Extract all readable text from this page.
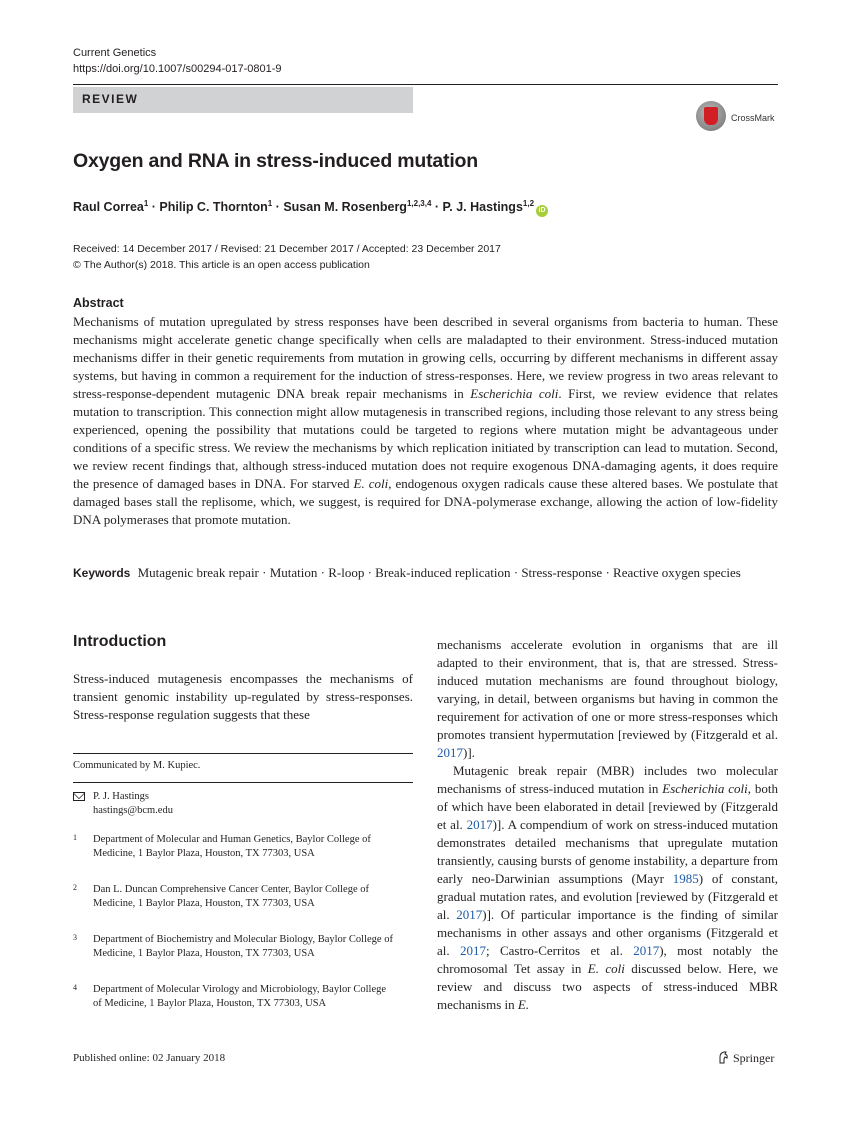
Current Genetics
https://doi.org/10.1007/s00294-017-0801-9
REVIEW
CrossMark
Oxygen and RNA in stress-induced mutation
Raul Correa$^1$ · Philip C. Thornton$^1$ · Susan M. Rosenberg$^{1,2,3,4}$ · P. J. Hastings$^{1,2}$iD
Received: 14 December 2017 / Revised: 21 December 2017 / Accepted: 23 December 2017
© The Author(s) 2018. This article is an open access publication
Abstract
Mechanisms of mutation upregulated by stress responses have been described in several organisms from bacteria to human. These mechanisms might accelerate genetic change specifically when cells are maladapted to their environment. Stress-induced mutation mechanisms differ in their genetic requirements from mutation in growing cells, occurring by different mechanisms in different assay systems, but having in common a requirement for the induction of stress-responses. Here, we review progress in two areas relevant to stress-response-dependent mutagenic DNA break repair mechanisms in Escherichia coli. First, we review evidence that relates mutation to transcription. This connection might allow mutagenesis in transcribed regions, including those relevant to any stress being experienced, opening the possibility that mutations could be targeted to regions where mutation might be advantageous under conditions of a specific stress. We review the mechanisms by which replication initiated by transcription can lead to mutation. Second, we review recent findings that, although stress-induced mutation does not require exogenous DNA-damaging agents, it does require the presence of damaged bases in DNA. For starved E. coli, endogenous oxygen radicals cause these altered bases. We postulate that damaged bases stall the replisome, which, we suggest, is required for DNA-polymerase exchange, allowing the action of low-fidelity DNA polymerases that promote mutation.
Keywords Mutagenic break repair · Mutation · R-loop · Break-induced replication · Stress-response · Reactive oxygen species
Introduction
Stress-induced mutagenesis encompasses the mechanisms of transient genomic instability up-regulated by stress-responses. Stress-response regulation suggests that these
Communicated by M. Kupiec.
P. J. Hastings
hastings@bcm.edu
1 Department of Molecular and Human Genetics, Baylor College of Medicine, 1 Baylor Plaza, Houston, TX 77303, USA
2 Dan L. Duncan Comprehensive Cancer Center, Baylor College of Medicine, 1 Baylor Plaza, Houston, TX 77303, USA
3 Department of Biochemistry and Molecular Biology, Baylor College of Medicine, 1 Baylor Plaza, Houston, TX 77303, USA
4 Department of Molecular Virology and Microbiology, Baylor College of Medicine, 1 Baylor Plaza, Houston, TX 77303, USA

mechanisms accelerate evolution in organisms that are ill adapted to their environment, that is, that are stressed. Stress-induced mutation mechanisms are found throughout biology, varying, in detail, between organisms but having in common the requirement for activation of one or more stress-responses which promotes transient hypermutation [reviewed by (Fitzgerald et al. 2017)].

Mutagenic break repair (MBR) includes two molecular mechanisms of stress-induced mutation in Escherichia coli, both of which have been elaborated in detail [reviewed by (Fitzgerald et al. 2017)]. A compendium of work on stress-induced mutation demonstrates detailed mechanisms that upregulate mutation transiently, causing bursts of genome instability, a departure from early neo-Darwinian assumptions (Mayr 1985) of constant, gradual mutation rates, and evolution [reviewed by (Fitzgerald et al. 2017)]. Of particular importance is the finding of similar mechanisms in other assays and other organisms (Fitzgerald et al. 2017; Castro-Cerritos et al. 2017), most notably the chromosomal Tet assay in E. coli discussed below. Here, we review and discuss two aspects of stress-induced MBR mechanisms in E.

Published online: 02 January 2018	Springer
